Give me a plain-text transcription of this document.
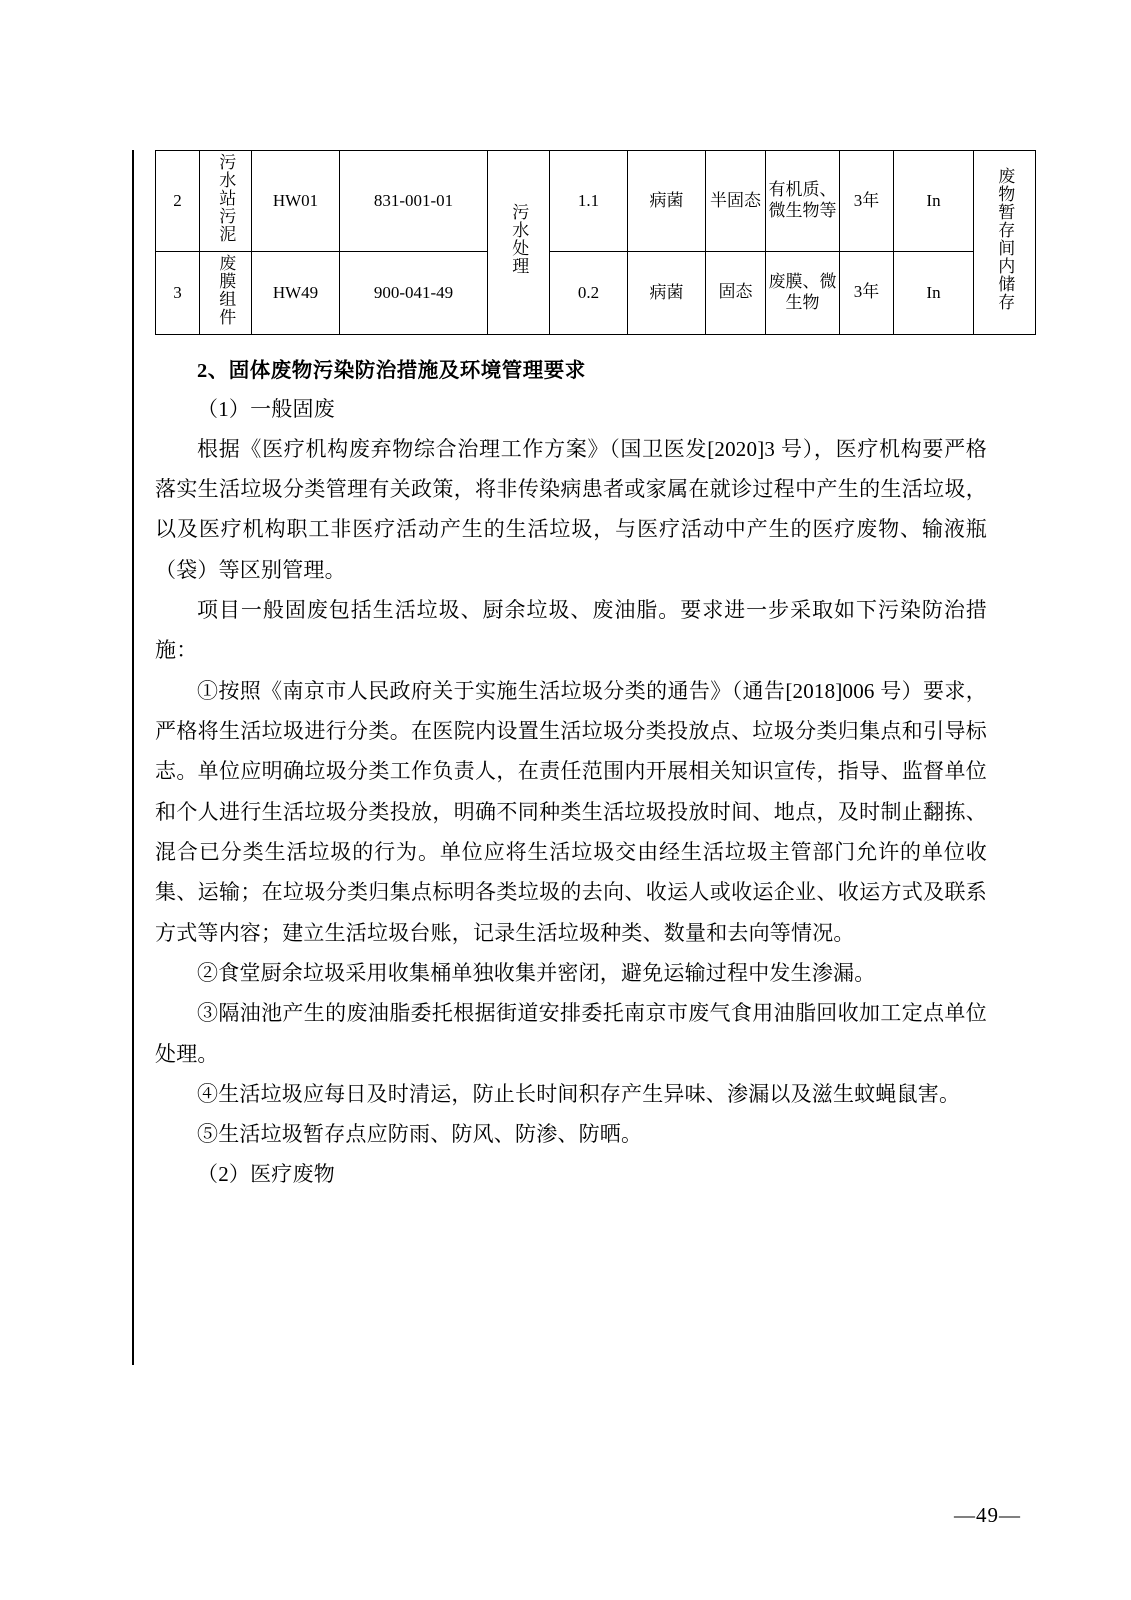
2	污水站污泥	HW01	831-001-01	污水处理	1.1	病菌	半固态	有机质、微生物等	3年	In	废物暂存间内储存
3	废膜组件	HW49	900-041-49		0.2	病菌	固态	废膜、微生物	3年	In	
2、固体废物污染防治措施及环境管理要求

（1）一般固废

根据《医疗机构废弃物综合治理工作方案》（国卫医发[2020]3 号），医疗机构要严格落实生活垃圾分类管理有关政策，将非传染病患者或家属在就诊过程中产生的生活垃圾，以及医疗机构职工非医疗活动产生的生活垃圾，与医疗活动中产生的医疗废物、输液瓶（袋）等区别管理。

项目一般固废包括生活垃圾、厨余垃圾、废油脂。要求进一步采取如下污染防治措施：

①按照《南京市人民政府关于实施生活垃圾分类的通告》（通告[2018]006 号）要求，严格将生活垃圾进行分类。在医院内设置生活垃圾分类投放点、垃圾分类归集点和引导标志。单位应明确垃圾分类工作负责人，在责任范围内开展相关知识宣传，指导、监督单位和个人进行生活垃圾分类投放，明确不同种类生活垃圾投放时间、地点，及时制止翻拣、混合已分类生活垃圾的行为。单位应将生活垃圾交由经生活垃圾主管部门允许的单位收集、运输；在垃圾分类归集点标明各类垃圾的去向、收运人或收运企业、收运方式及联系方式等内容；建立生活垃圾台账，记录生活垃圾种类、数量和去向等情况。

②食堂厨余垃圾采用收集桶单独收集并密闭，避免运输过程中发生渗漏。

③隔油池产生的废油脂委托根据街道安排委托南京市废气食用油脂回收加工定点单位处理。

④生活垃圾应每日及时清运，防止长时间积存产生异味、渗漏以及滋生蚊蝇鼠害。

⑤生活垃圾暂存点应防雨、防风、防渗、防晒。

（2）医疗废物

—49—
